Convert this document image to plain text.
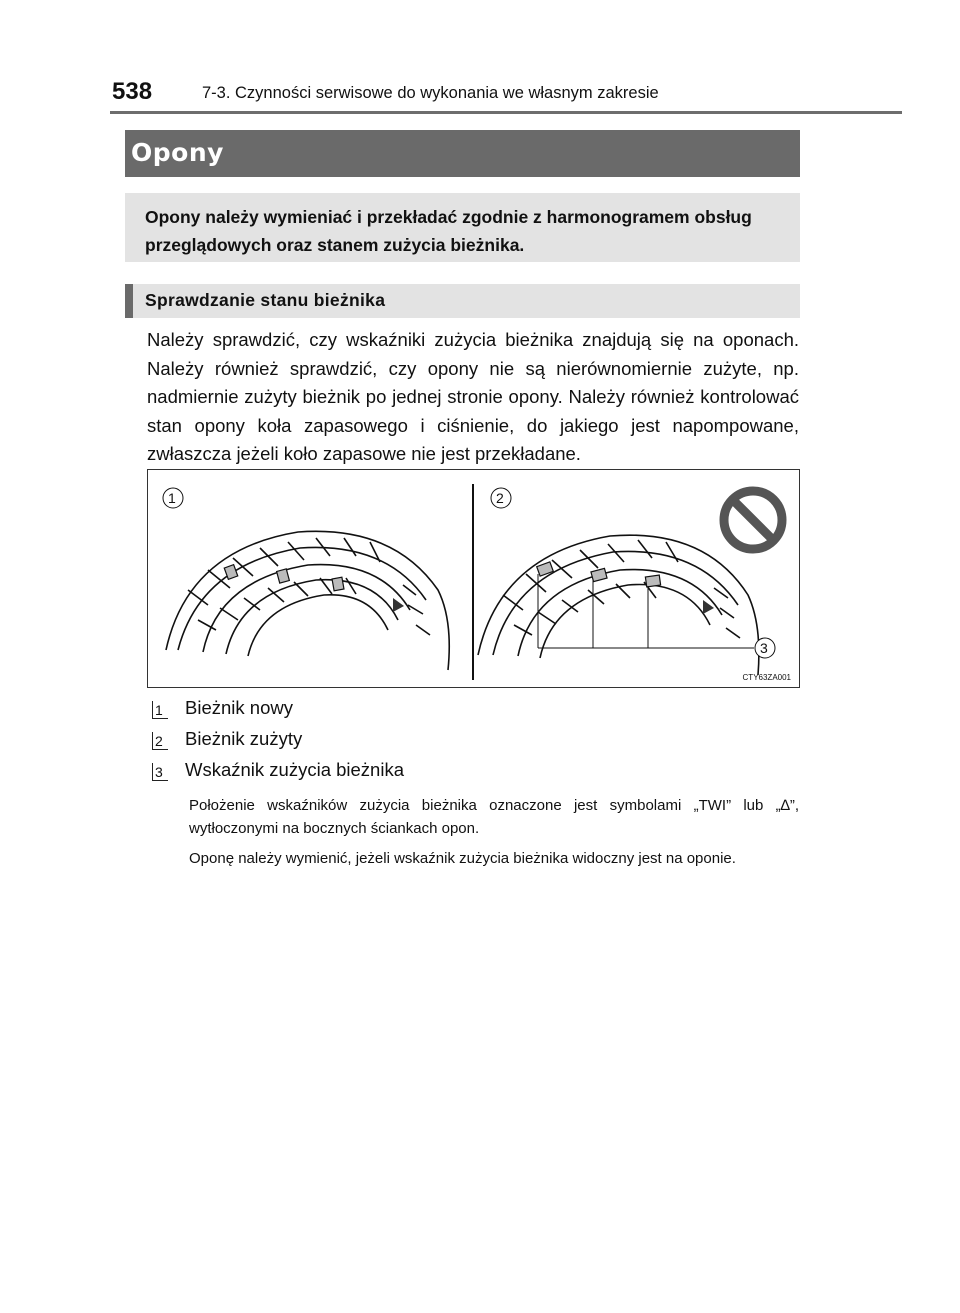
538	7-3. Czynności serwisowe do wykonania we własnym zakresie
Opony

Opony należy wymieniać i przekładać zgodnie z harmonogramem obsług przeglądowych oraz stanem zużycia bieżnika.

Sprawdzanie stanu bieżnika

Należy sprawdzić, czy wskaźniki zużycia bieżnika znajdują się na oponach. Należy również sprawdzić, czy opony nie są nierównomiernie zużyte, np. nadmiernie zużyty bieżnik po jednej stronie opony. Należy również kontrolować stan opony koła zapasowego i ciśnienie, do jakiego jest napompowane, zwłaszcza jeżeli koło zapasowe nie jest przekładane.

1	2
3
CTY63ZA001
1 Bieżnik nowy
2 Bieżnik zużyty
3 Wskaźnik zużycia bieżnika

Położenie wskaźników zużycia bieżnika oznaczone jest symbolami „TWI” lub „∆”, wytłoczonymi na bocznych ściankach opon.

Oponę należy wymienić, jeżeli wskaźnik zużycia bieżnika widoczny jest na oponie.
